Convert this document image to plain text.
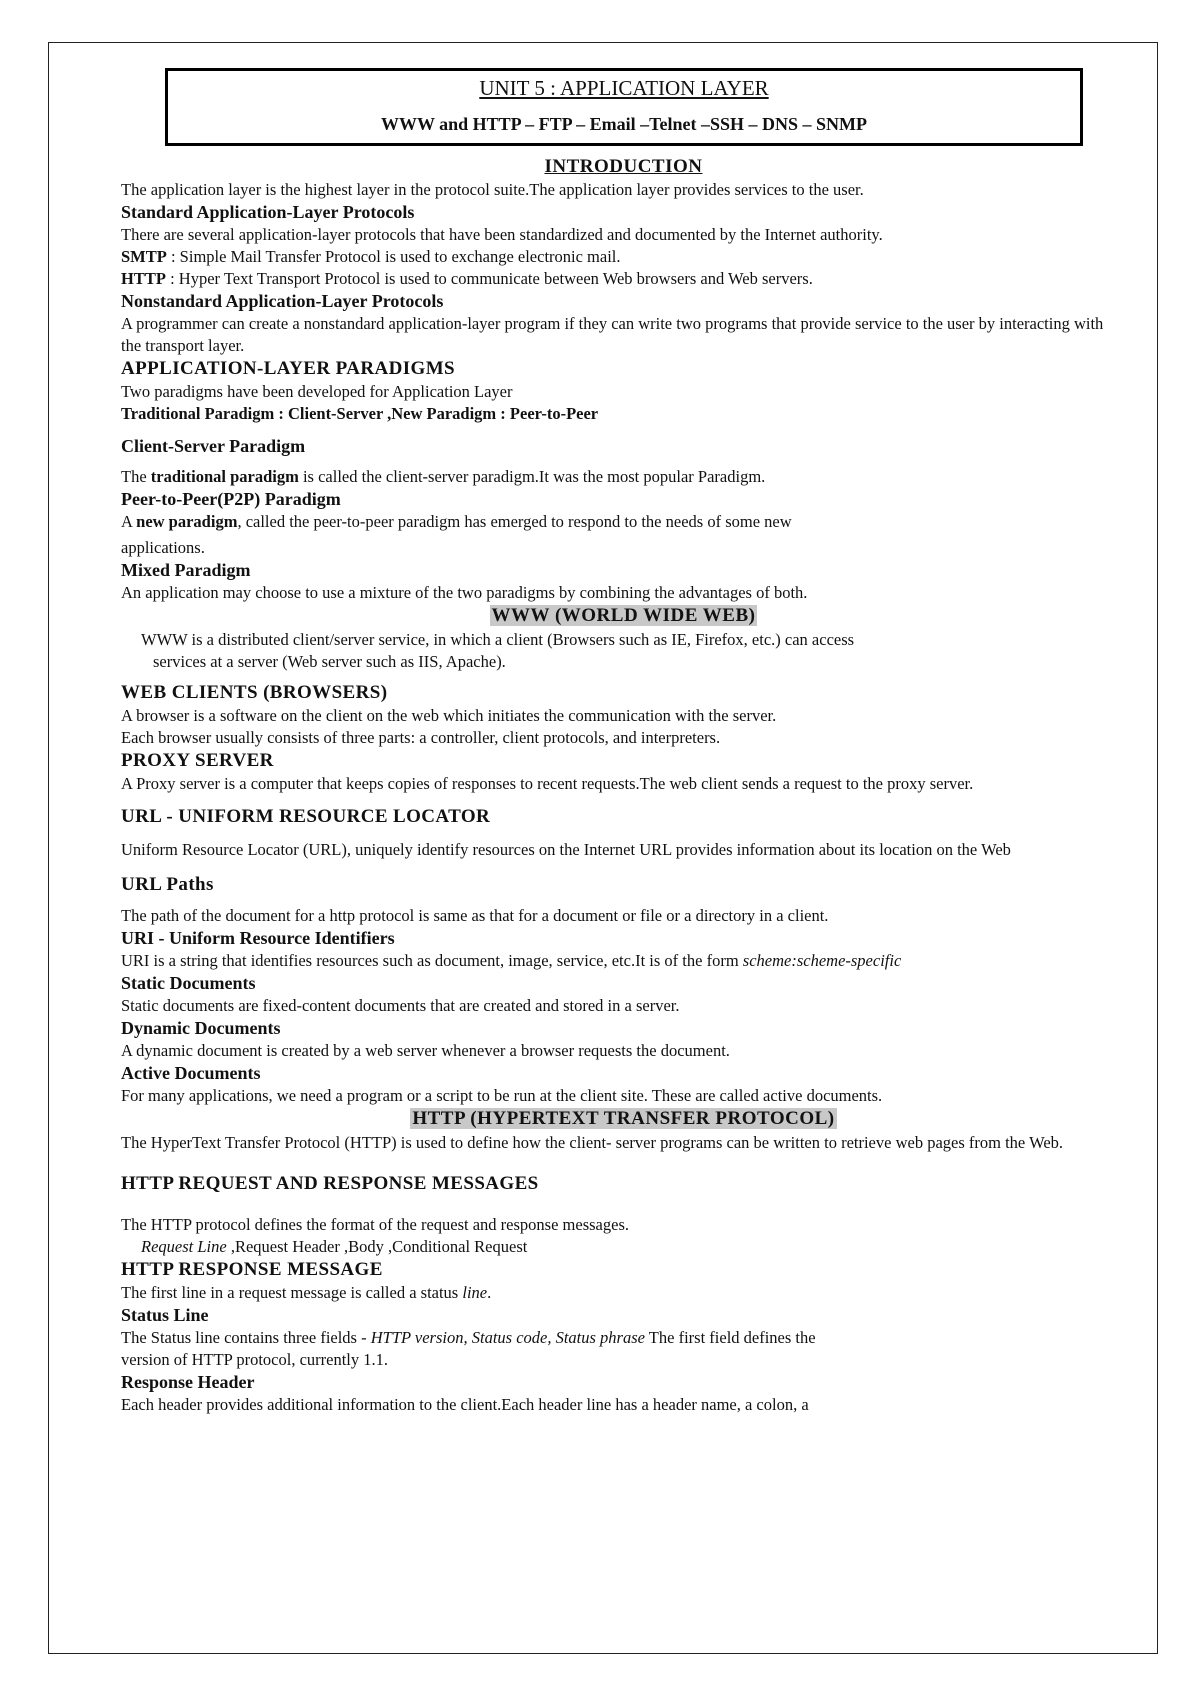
UNIT 5 : APPLICATION LAYER
WWW and HTTP – FTP – Email –Telnet –SSH – DNS – SNMP
INTRODUCTION

The application layer is the highest layer in the protocol suite.The application layer provides services to the user.

Standard Application-Layer Protocols

There are several application-layer protocols that have been standardized and documented by the Internet authority.

SMTP : Simple Mail Transfer Protocol is used to exchange electronic mail.

HTTP : Hyper Text Transport Protocol is used to communicate between Web browsers and Web servers.

Nonstandard Application-Layer Protocols

A programmer can create a nonstandard application-layer program if they can write two programs that provide service to the user by interacting with the transport layer.

APPLICATION-LAYER PARADIGMS

Two paradigms have been developed for Application Layer

Traditional Paradigm : Client-Server ,New Paradigm : Peer-to-Peer

Client-Server Paradigm

The traditional paradigm is called the client-server paradigm.It was the most popular Paradigm.

Peer-to-Peer(P2P) Paradigm

A new paradigm, called the peer-to-peer paradigm has emerged to respond to the needs of some new

applications.

Mixed Paradigm

An application may choose to use a mixture of the two paradigms by combining the advantages of both.

WWW (WORLD WIDE WEB)

WWW is a distributed client/server service, in which a client (Browsers such as IE, Firefox, etc.) can access

services at a server (Web server such as IIS, Apache).

WEB CLIENTS (BROWSERS)

A browser is a software on the client on the web which initiates the communication with the server.

Each browser usually consists of three parts: a controller, client protocols, and interpreters.

PROXY SERVER

A Proxy server is a computer that keeps copies of responses to recent requests.The web client sends a request to the proxy server.

URL - UNIFORM RESOURCE LOCATOR

Uniform Resource Locator (URL), uniquely identify resources on the Internet URL provides information about its location on the Web

URL Paths

The path of the document for a http protocol is same as that for a document or file or a directory in a client.

URI - Uniform Resource Identifiers

URI is a string that identifies resources such as document, image, service, etc.It is of the form scheme:scheme-specific

Static Documents

Static documents are fixed-content documents that are created and stored in a server.

Dynamic Documents

A dynamic document is created by a web server whenever a browser requests the document.

Active Documents

For many applications, we need a program or a script to be run at the client site. These are called active documents.

HTTP (HYPERTEXT TRANSFER PROTOCOL)

The HyperText Transfer Protocol (HTTP) is used to define how the client- server programs can be written to retrieve web pages from the Web.

HTTP REQUEST AND RESPONSE MESSAGES

The HTTP protocol defines the format of the request and response messages.

Request Line ,Request Header ,Body ,Conditional Request

HTTP RESPONSE MESSAGE

The first line in a request message is called a status line.

Status Line

The Status line contains three fields - HTTP version, Status code, Status phrase The first field defines the

version of HTTP protocol, currently 1.1.

Response Header

Each header provides additional information to the client.Each header line has a header name, a colon, a
